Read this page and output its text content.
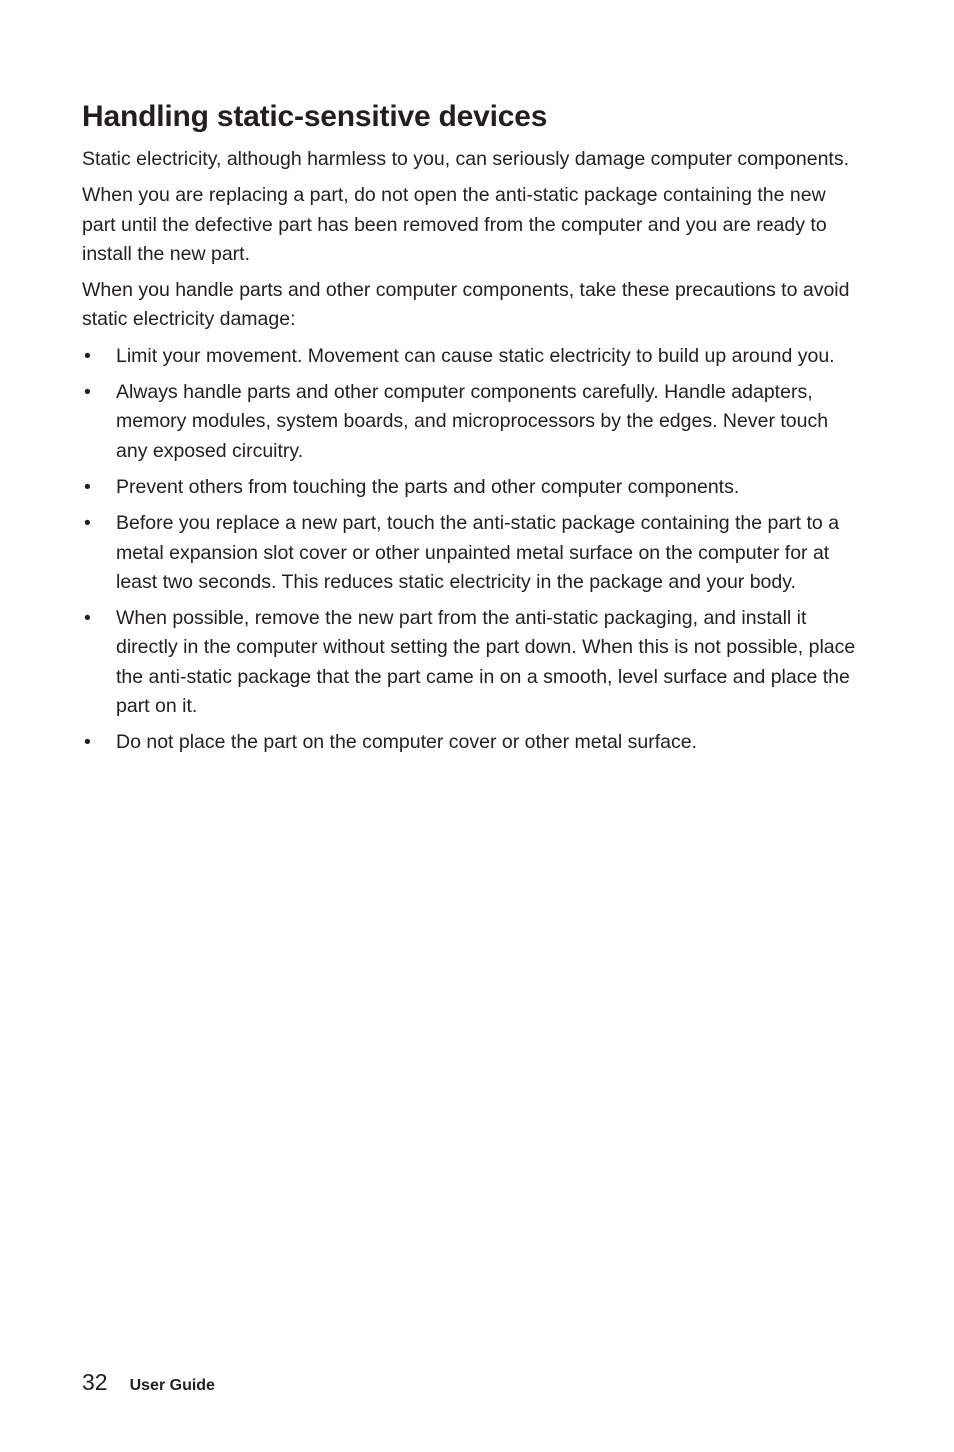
Handling static-sensitive devices

Static electricity, although harmless to you, can seriously damage computer components.

When you are replacing a part, do not open the anti-static package containing the new part until the defective part has been removed from the computer and you are ready to install the new part.

When you handle parts and other computer components, take these precautions to avoid static electricity damage:

• Limit your movement. Movement can cause static electricity to build up around you.
• Always handle parts and other computer components carefully. Handle adapters, memory modules, system boards, and microprocessors by the edges. Never touch any exposed circuitry.
• Prevent others from touching the parts and other computer components.
• Before you replace a new part, touch the anti-static package containing the part to a metal expansion slot cover or other unpainted metal surface on the computer for at least two seconds. This reduces static electricity in the package and your body.
• When possible, remove the new part from the anti-static packaging, and install it directly in the computer without setting the part down. When this is not possible, place the anti-static package that the part came in on a smooth, level surface and place the part on it.
• Do not place the part on the computer cover or other metal surface.
32 User Guide
